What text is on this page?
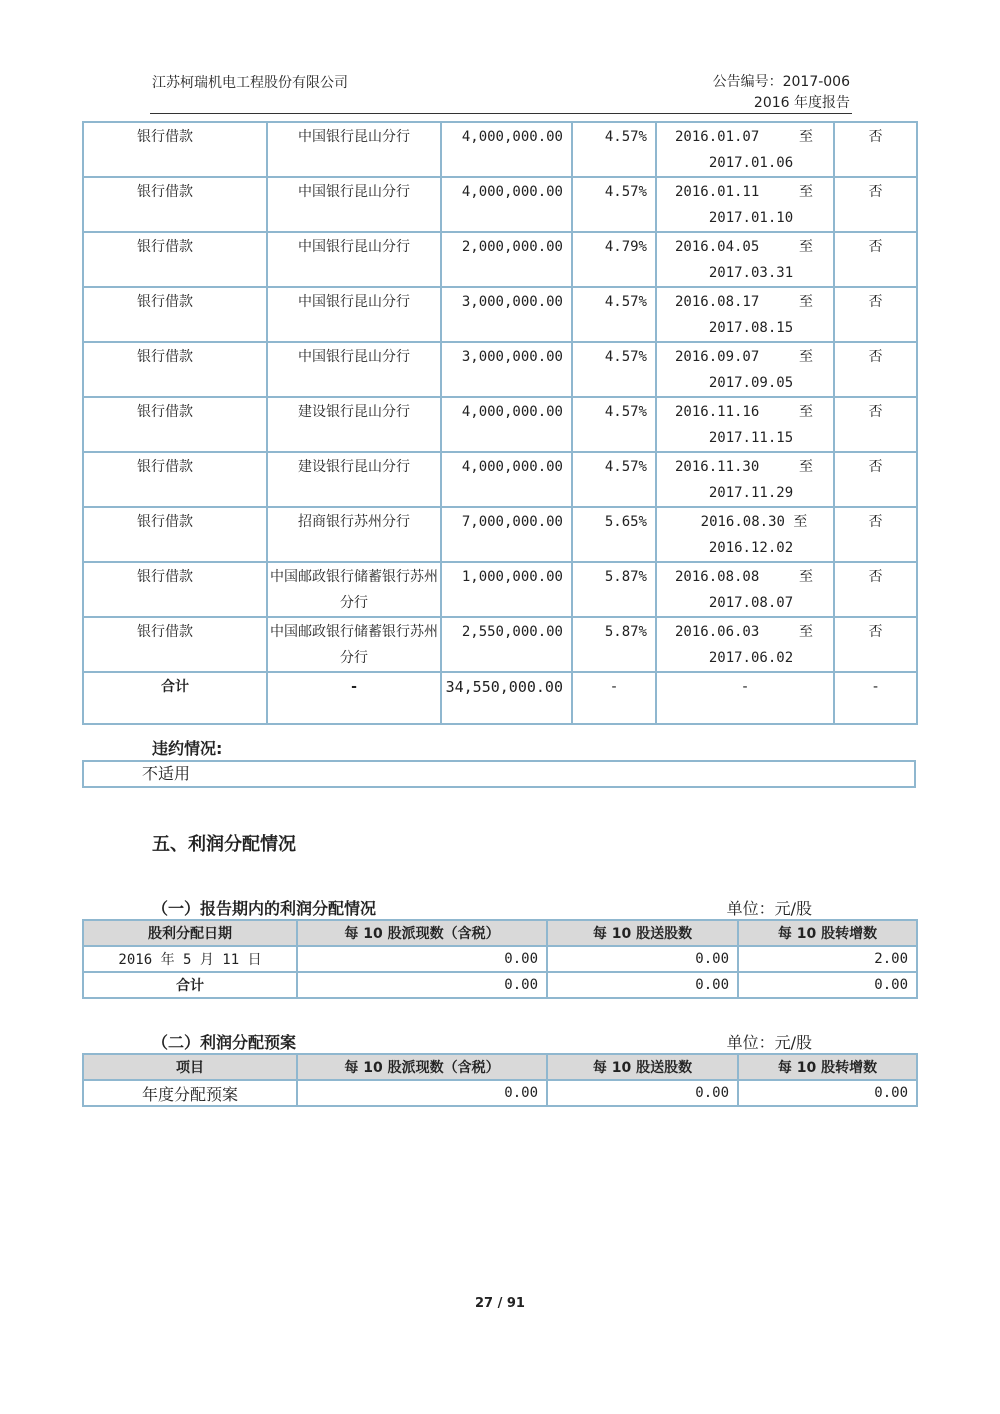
江苏柯瑞机电工程股份有限公司	公告编号：2017-006
2016 年度报告
银行借款	中国银行昆山分行	4,000,000.00	4.57%	2016.01.07 至
2017.01.06	否
银行借款	中国银行昆山分行	4,000,000.00	4.57%	2016.01.11 至
2017.01.10	否
银行借款	中国银行昆山分行	2,000,000.00	4.79%	2016.04.05 至
2017.03.31	否
银行借款	中国银行昆山分行	3,000,000.00	4.57%	2016.08.17 至
2017.08.15	否
银行借款	中国银行昆山分行	3,000,000.00	4.57%	2016.09.07 至
2017.09.05	否
银行借款	建设银行昆山分行	4,000,000.00	4.57%	2016.11.16 至
2017.11.15	否
银行借款	建设银行昆山分行	4,000,000.00	4.57%	2016.11.30 至
2017.11.29	否
银行借款	招商银行苏州分行	7,000,000.00	5.65%	2016.08.30 至
2016.12.02	否
银行借款	中国邮政银行储蓄银行苏州分行	1,000,000.00	5.87%	2016.08.08 至
2017.08.07	否
银行借款	中国邮政银行储蓄银行苏州分行	2,550,000.00	5.87%	2016.06.03 至
2017.06.02	否
合计	-	34,550,000.00	-	-	-
违约情况:
不适用
五、利润分配情况
（一）报告期内的利润分配情况	单位：元/股
股利分配日期	每 10 股派现数（含税）	每 10 股送股数	每 10 股转增数
2016 年 5 月 11 日	0.00	0.00	2.00
合计	0.00	0.00	0.00
（二）利润分配预案	单位：元/股
项目	每 10 股派现数（含税）	每 10 股送股数	每 10 股转增数
年度分配预案	0.00	0.00	0.00
27 / 91
